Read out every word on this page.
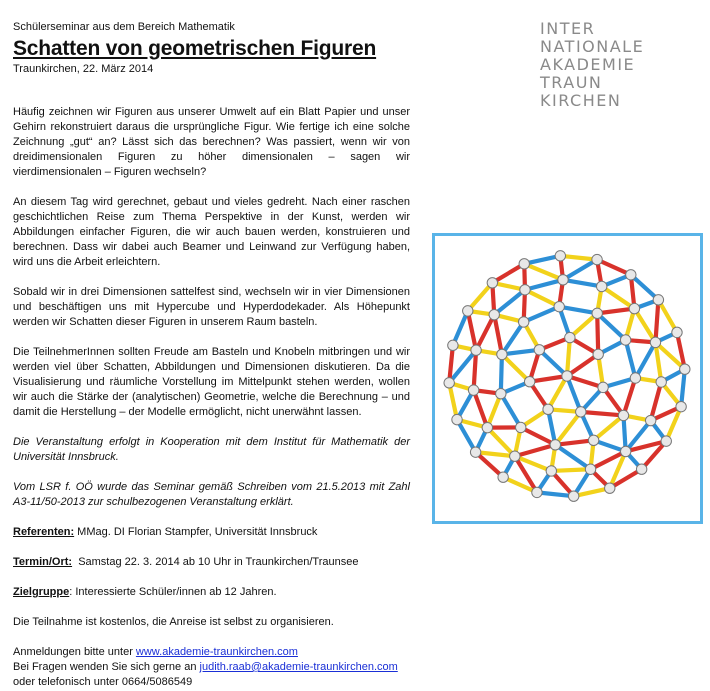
Schülerseminar aus dem Bereich Mathematik

Schatten von geometrischen Figuren

Traunkirchen, 22. März 2014

Häufig zeichnen wir Figuren aus unserer Umwelt auf ein Blatt Papier und unser Gehirn rekonstruiert daraus die ursprüngliche Figur. Wie fertige ich eine solche Zeichnung „gut“ an? Lässt sich das berechnen? Was passiert, wenn wir von dreidimensionalen Figuren zu höher dimensionalen – sagen wir vierdimensionalen – Figuren wechseln?

An diesem Tag wird gerechnet, gebaut und vieles gedreht. Nach einer raschen geschichtlichen Reise zum Thema Perspektive in der Kunst, werden wir Abbildungen einfacher Figuren, die wir auch bauen werden, konstruieren und berechnen. Dass wir dabei auch Beamer und Leinwand zur Verfügung haben, wird uns die Arbeit erleichtern.

Sobald wir in drei Dimensionen sattelfest sind, wechseln wir in vier Dimensionen und beschäftigen uns mit Hypercube und Hyperdodekader. Als Höhepunkt werden wir Schatten dieser Figuren in unserem Raum basteln.

Die TeilnehmerInnen sollten Freude am Basteln und Knobeln mitbringen und wir werden viel über Schatten, Abbildungen und Dimensionen diskutieren. Da die Visualisierung und räumliche Vorstellung im Mittelpunkt stehen werden, wollen wir auch die Stärke der (analytischen) Geometrie, welche die Berechnung – und damit die Herstellung – der Modelle ermöglicht, nicht unerwähnt lassen.

Die Veranstaltung erfolgt in Kooperation mit dem Institut für Mathematik der Universität Innsbruck.

Vom LSR f. OÖ wurde das Seminar gemäß Schreiben vom 21.5.2013 mit Zahl A3-11/50-2013 zur schulbezogenen Veranstaltung erklärt.

Referenten: MMag. DI Florian Stampfer, Universität Innsbruck

Termin/Ort:  Samstag 22. 3. 2014 ab 10 Uhr in Traunkirchen/Traunsee

Zielgruppe: Interessierte Schüler/innen ab 12 Jahren.

Die Teilnahme ist kostenlos, die Anreise ist selbst zu organisieren.

Anmeldungen bitte unter www.akademie-traunkirchen.com

Bei Fragen wenden Sie sich gerne an judith.raab@akademie-traunkirchen.com

oder telefonisch unter 0664/5086549

INTER
NATIONALE
AKADEMIE
TRAUN
KIRCHEN
